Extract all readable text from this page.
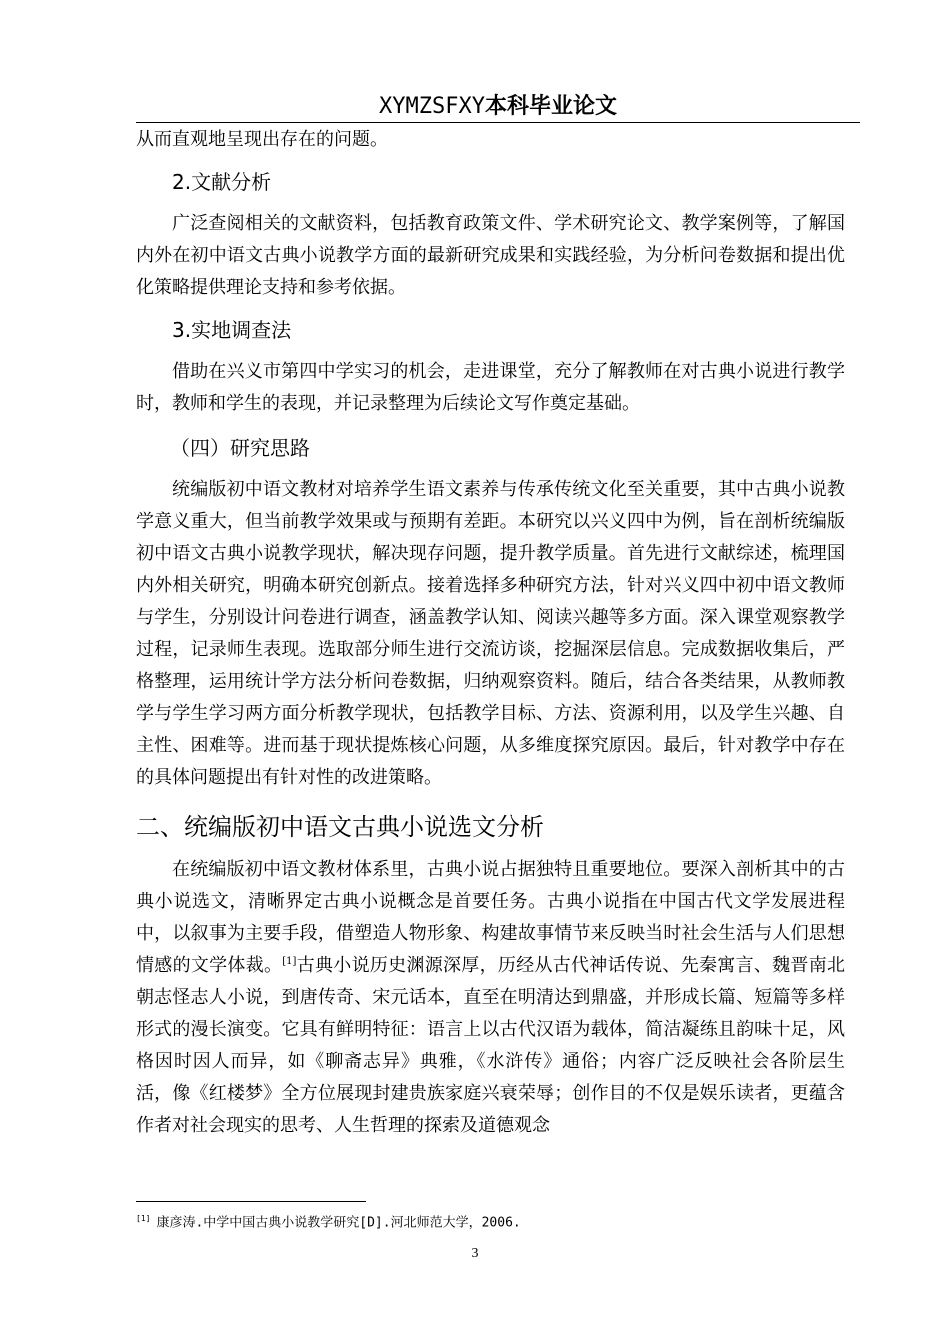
XYMZSFXY本科毕业论文

从而直观地呈现出存在的问题。

2.文献分析

广泛查阅相关的文献资料，包括教育政策文件、学术研究论文、教学案例等，了解国内外在初中语文古典小说教学方面的最新研究成果和实践经验，为分析问卷数据和提出优化策略提供理论支持和参考依据。

3.实地调查法

借助在兴义市第四中学实习的机会，走进课堂，充分了解教师在对古典小说进行教学时，教师和学生的表现，并记录整理为后续论文写作奠定基础。

（四）研究思路

统编版初中语文教材对培养学生语文素养与传承传统文化至关重要，其中古典小说教学意义重大，但当前教学效果或与预期有差距。本研究以兴义四中为例，旨在剖析统编版初中语文古典小说教学现状，解决现存问题，提升教学质量。首先进行文献综述，梳理国内外相关研究，明确本研究创新点。接着选择多种研究方法，针对兴义四中初中语文教师与学生，分别设计问卷进行调查，涵盖教学认知、阅读兴趣等多方面。深入课堂观察教学过程，记录师生表现。选取部分师生进行交流访谈，挖掘深层信息。完成数据收集后，严格整理，运用统计学方法分析问卷数据，归纳观察资料。随后，结合各类结果，从教师教学与学生学习两方面分析教学现状，包括教学目标、方法、资源利用，以及学生兴趣、自主性、困难等。进而基于现状提炼核心问题，从多维度探究原因。最后，针对教学中存在的具体问题提出有针对性的改进策略。

二、统编版初中语文古典小说选文分析

在统编版初中语文教材体系里，古典小说占据独特且重要地位。要深入剖析其中的古典小说选文，清晰界定古典小说概念是首要任务。古典小说指在中国古代文学发展进程中，以叙事为主要手段，借塑造人物形象、构建故事情节来反映当时社会生活与人们思想情感的文学体裁。[1]古典小说历史渊源深厚，历经从古代神话传说、先秦寓言、魏晋南北朝志怪志人小说，到唐传奇、宋元话本，直至在明清达到鼎盛，并形成长篇、短篇等多样形式的漫长演变。它具有鲜明特征：语言上以古代汉语为载体，简洁凝练且韵味十足，风格因时因人而异，如《聊斋志异》典雅，《水浒传》通俗；内容广泛反映社会各阶层生活，像《红楼梦》全方位展现封建贵族家庭兴衰荣辱；创作目的不仅是娱乐读者，更蕴含作者对社会现实的思考、人生哲理的探索及道德观念

[1] 康彦涛.中学中国古典小说教学研究[D].河北师范大学，2006.
3
